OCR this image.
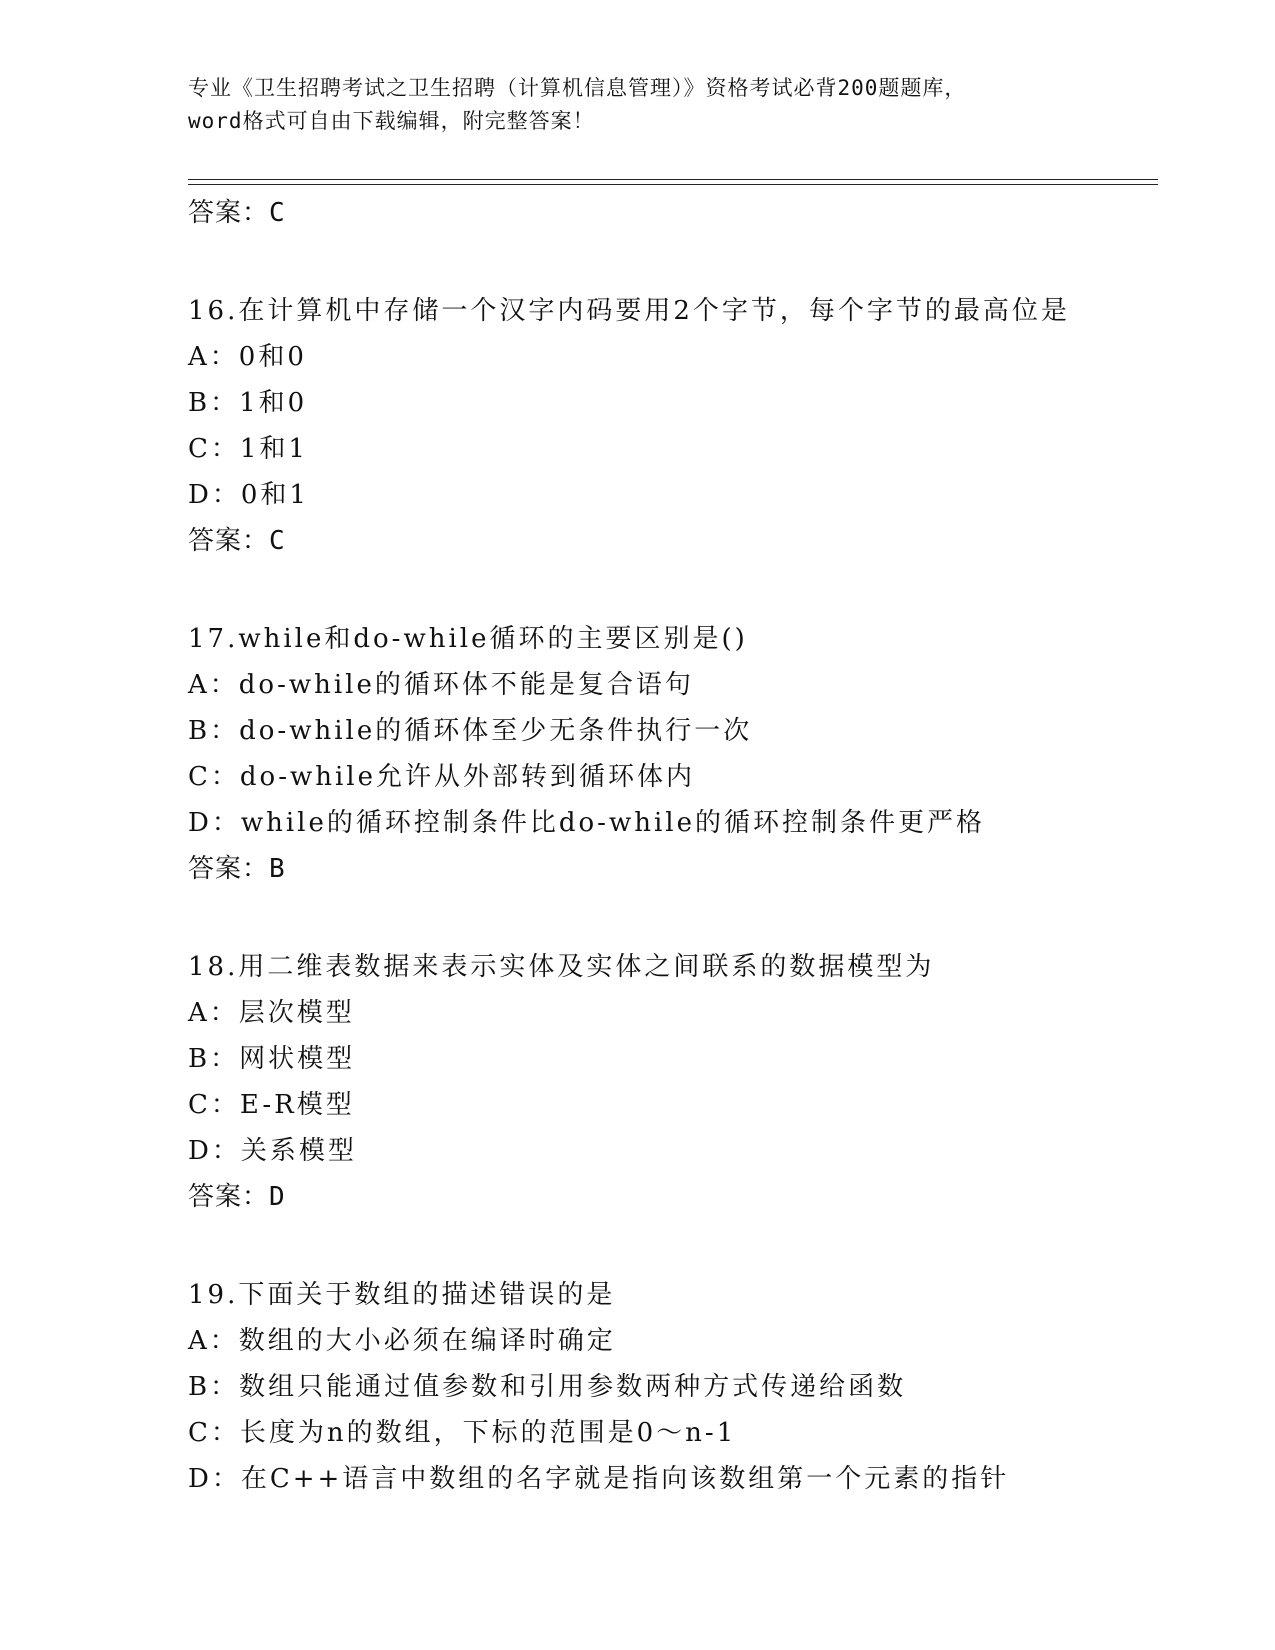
专业《卫生招聘考试之卫生招聘（计算机信息管理）》资格考试必背200题题库，
word格式可自由下载编辑，附完整答案！
答案：C
16.在计算机中存储一个汉字内码要用2个字节，每个字节的最高位是
A：0和0
B：1和0
C：1和1
D：0和1
答案：C
17.while和do-while循环的主要区别是()
A：do-while的循环体不能是复合语句
B：do-while的循环体至少无条件执行一次
C：do-while允许从外部转到循环体内
D：while的循环控制条件比do-while的循环控制条件更严格
答案：B
18.用二维表数据来表示实体及实体之间联系的数据模型为
A：层次模型
B：网状模型
C：E-R模型
D：关系模型
答案：D
19.下面关于数组的描述错误的是
A：数组的大小必须在编译时确定
B：数组只能通过值参数和引用参数两种方式传递给函数
C：长度为n的数组，下标的范围是0～n-1
D：在C++语言中数组的名字就是指向该数组第一个元素的指针
